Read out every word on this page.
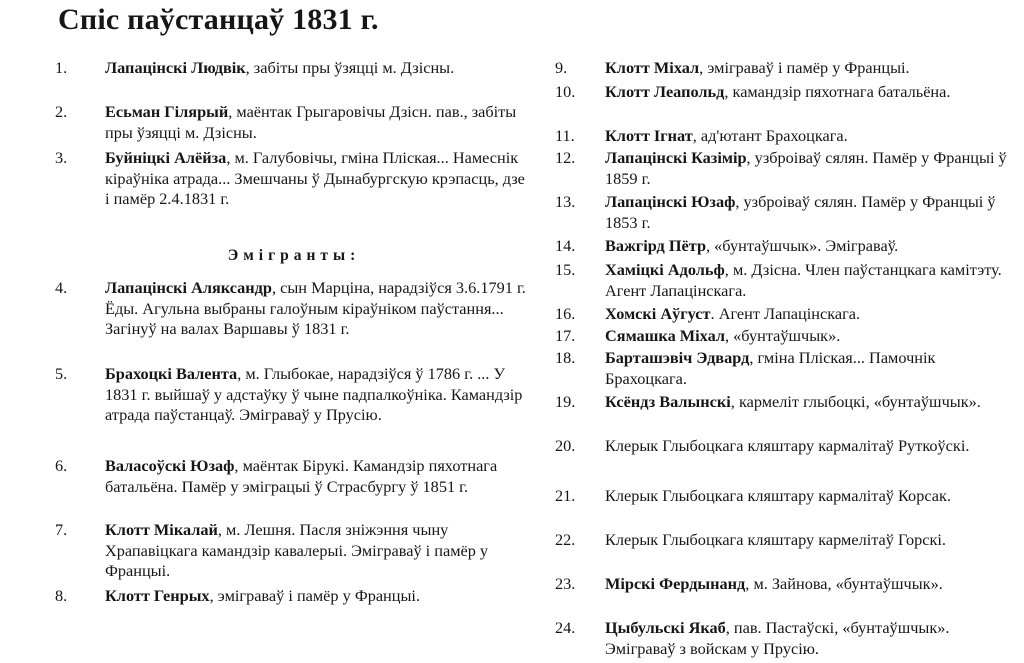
Спіс паўстанцаў 1831 г.
1.	Лапацінскі Людвік, забіты пры ўзяцці м. Дзісны.
2.	Есьман Гілярый, маёнтак Грыгаровічы Дзісн. пав., забіты пры ўзяцці м. Дзісны.
3.	Буйніцкі Алёйза, м. Галубовічы, гміна Пліская... Намеснік кіраўніка атрада... Змешчаны ў Дынабургскую крэпасць, дзе і памёр 2.4.1831 г.
Эмігранты:
4.	Лапацінскі Аляксандр, сын Марціна, нарадзіўся 3.6.1791 г. Ёды. Агульна выбраны галоўным кіраўніком паўстання... Загінуў на валах Варшавы ў 1831 г.
5.	Брахоцкі Валента, м. Глыбокае, нарадзіўся ў 1786 г. ... У 1831 г. выйшаў у адстаўку ў чыне падпалкоўніка. Камандзір атрада паўстанцаў. Эміграваў у Прусію.
6.	Валасоўскі Юзаф, маёнтак Бірукі. Камандзір пяхотнага батальёна. Памёр у эміграцыі ў Страсбургу ў 1851 г.
7.	Клотт Мікалай, м. Лешня. Пасля зніжэння чыну Храпавіцкага камандзір кавалерыі. Эміграваў і памёр у Францыі.
8.	Клотт Генрых, эміграваў і памёр у Францыі.
9.	Клотт Міхал, эміграваў і памёр у Францыі.
10.	Клотт Леапольд, камандзір пяхотнага батальёна.
11.	Клотт Ігнат, ад'ютант Брахоцкага.
12.	Лапацінскі Казімір, узброіваў сялян. Памёр у Францыі ў 1859 г.
13.	Лапацінскі Юзаф, узброіваў сялян. Памёр у Францыі ў 1853 г.
14.	Важгірд Пётр, «бунтаўшчык». Эміграваў.
15.	Хаміцкі Адольф, м. Дзісна. Член паўстанцкага камітэту. Агент Лапацінскага.
16.	Хомскі Аўгуст. Агент Лапацінскага.
17.	Сямашка Міхал, «бунтаўшчык».
18.	Барташэвіч Эдвард, гміна Пліская... Памочнік Брахоцкага.
19.	Ксёндз Валынскі, кармеліт глыбоцкі, «бунтаўшчык».
20.	Клерык Глыбоцкага кляштару кармалітаў Руткоўскі.
21.	Клерык Глыбоцкага кляштару кармалітаў Корсак.
22.	Клерык Глыбоцкага кляштару кармелітаў Горскі.
23.	Мірскі Фердынанд, м. Зайнова, «бунтаўшчык».
24.	Цыбульскі Якаб, пав. Пастаўскі, «бунтаўшчык». Эміграваў з войскам у Прусію.
